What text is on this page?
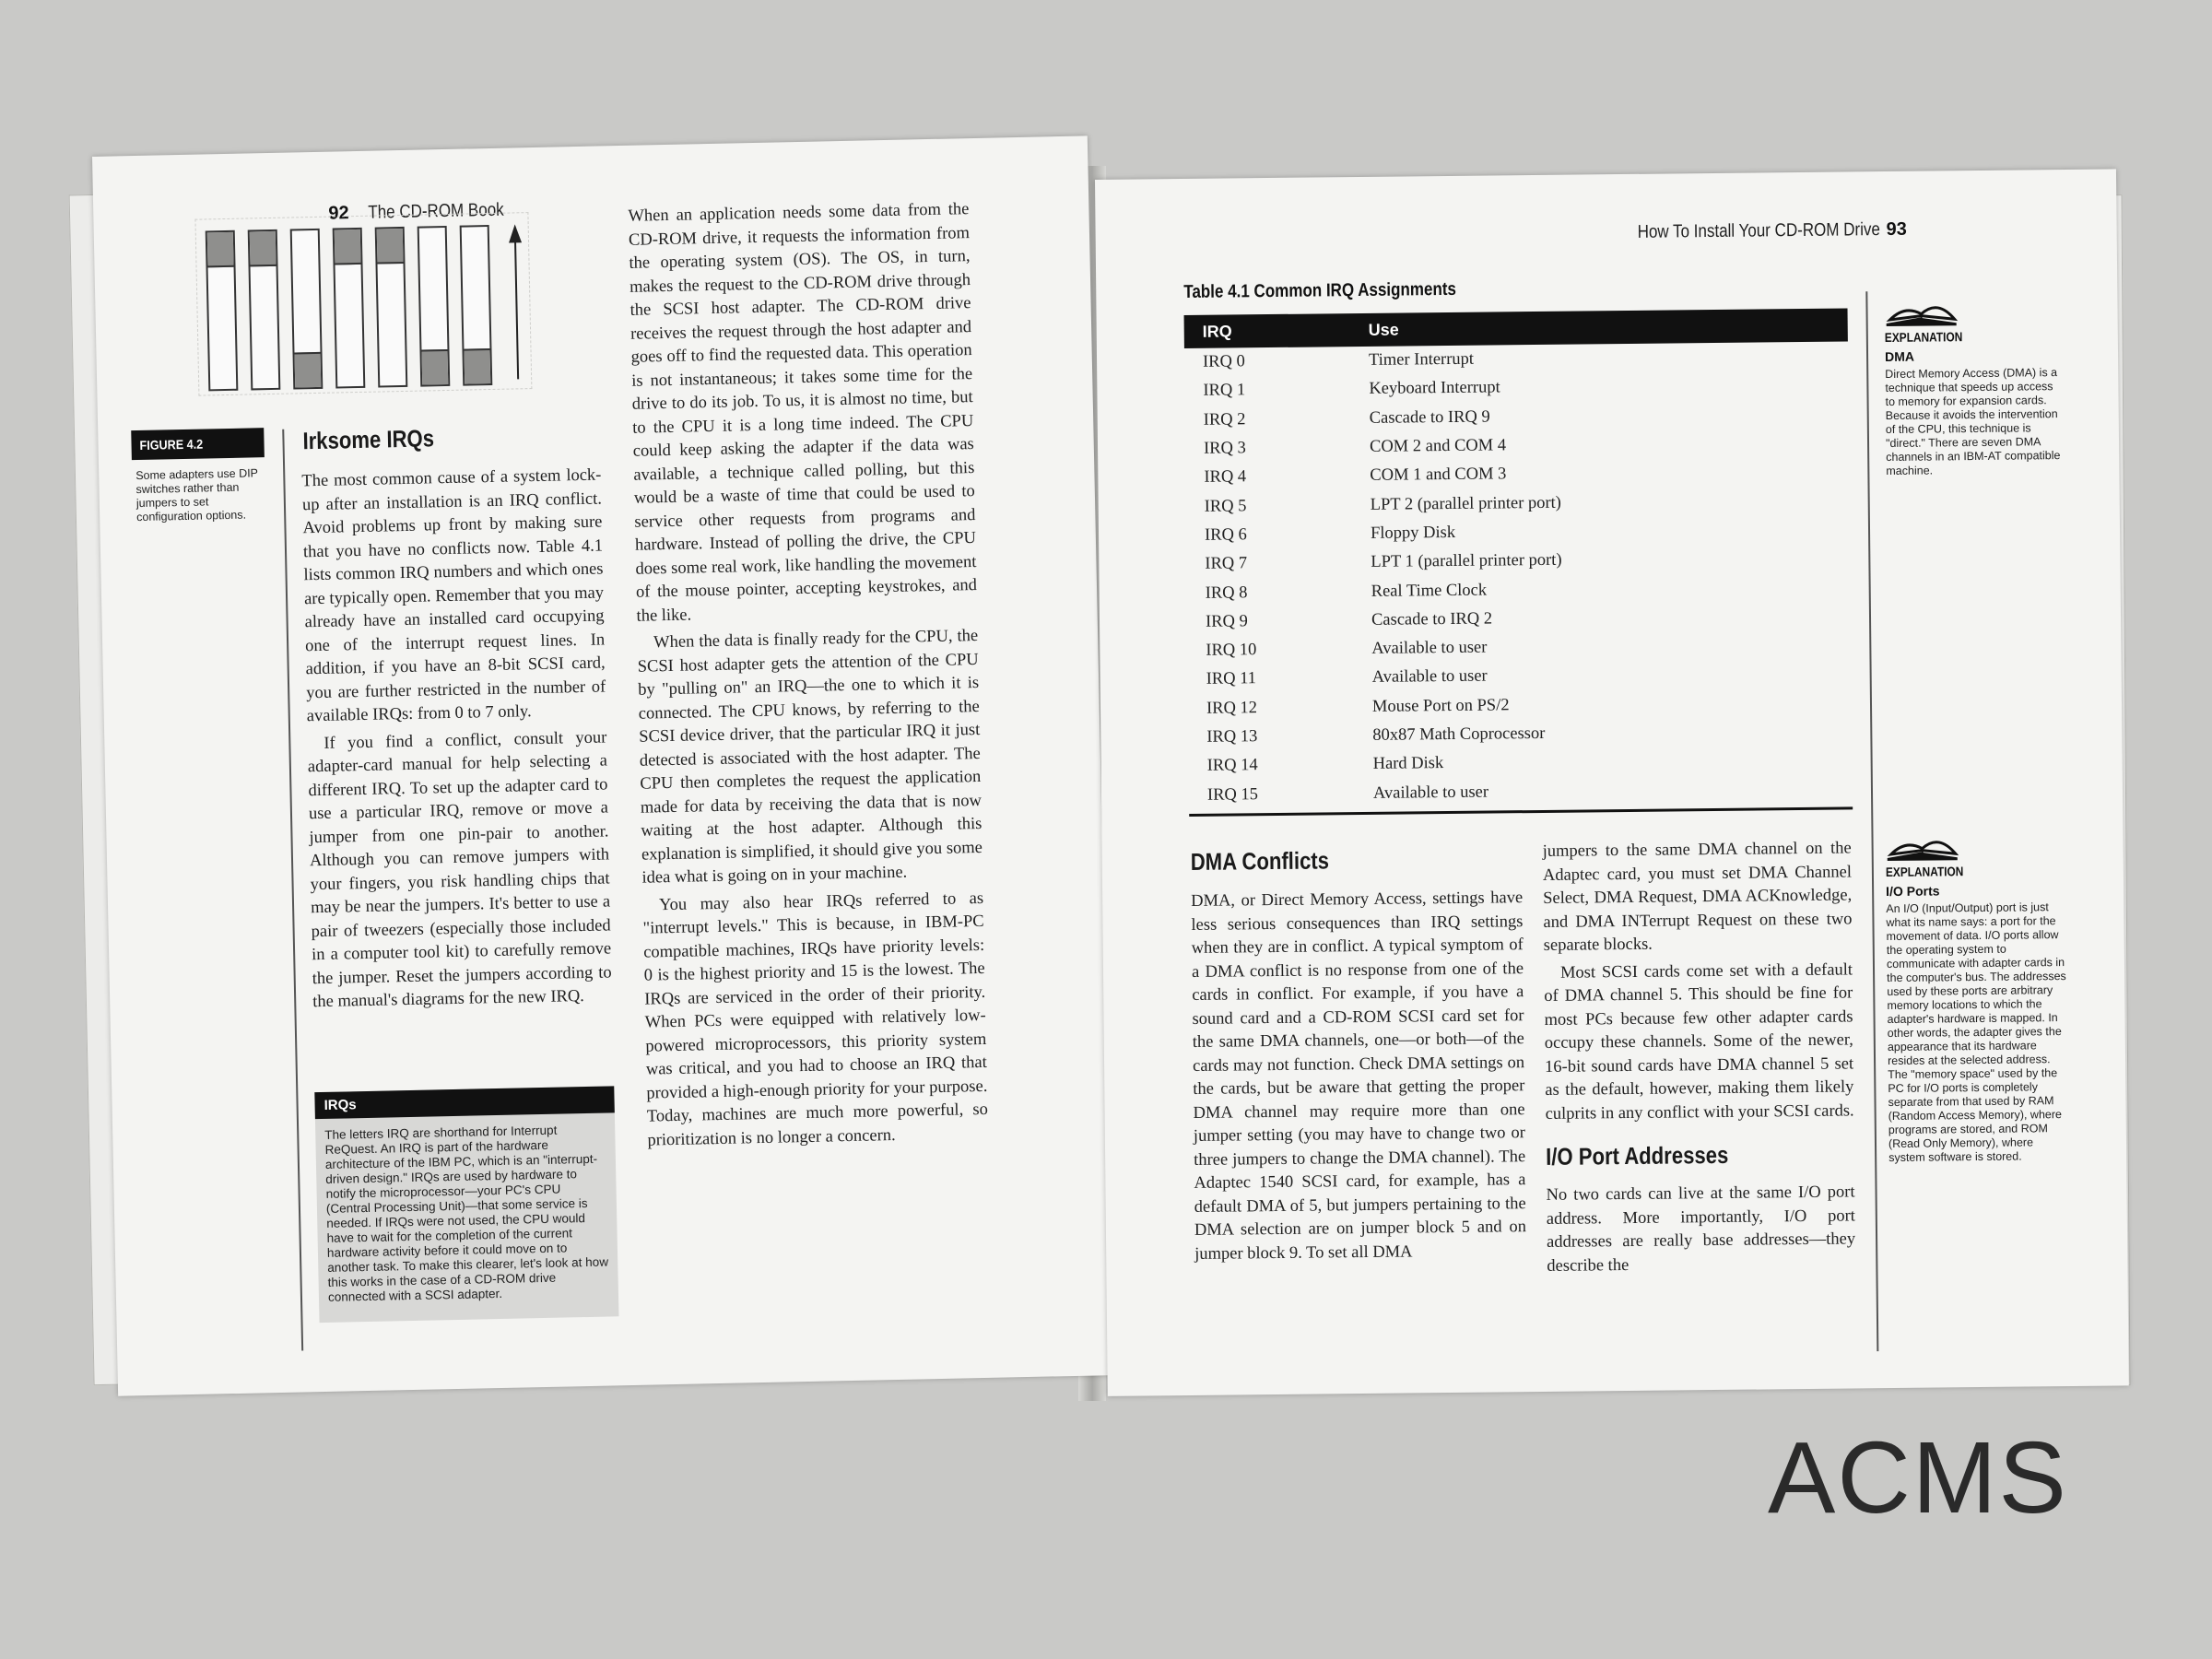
92 The CD-ROM Book
FIGURE 4.2
Some adapters use DIP switches rather than jumpers to set configuration options.
Irksome IRQs

The most common cause of a system lock-up after an installation is an IRQ conflict. Avoid problems up front by making sure that you have no conflicts now. Table 4.1 lists common IRQ numbers and which ones are typically open. Remember that you may already have an installed card occupying one of the interrupt request lines. In addition, if you have an 8-bit SCSI card, you are further restricted in the number of available IRQs: from 0 to 7 only.

If you find a conflict, consult your adapter-card manual for help selecting a different IRQ. To set up the adapter card to use a particular IRQ, remove or move a jumper from one pin-pair to another. Although you can remove jumpers with your fingers, you risk handling chips that may be near the jumpers. It's better to use a pair of tweezers (especially those included in a computer tool kit) to carefully remove the jumper. Reset the jumpers according to the manual's diagrams for the new IRQ.

IRQs
The letters IRQ are shorthand for Interrupt ReQuest. An IRQ is part of the hardware architecture of the IBM PC, which is an "interrupt-driven design." IRQs are used by hardware to notify the microprocessor—your PC's CPU (Central Processing Unit)—that some service is needed. If IRQs were not used, the CPU would have to wait for the completion of the current hardware activity before it could move on to another task. To make this clearer, let's look at how this works in the case of a CD-ROM drive connected with a SCSI adapter.

When an application needs some data from the CD-ROM drive, it requests the information from the operating system (OS). The OS, in turn, makes the request to the CD-ROM drive through the SCSI host adapter. The CD-ROM drive receives the request through the host adapter and goes off to find the requested data. This operation is not instantaneous; it takes some time for the drive to do its job. To us, it is almost no time, but to the CPU it is a long time indeed. The CPU could keep asking the adapter if the data was available, a technique called polling, but this would be a waste of time that could be used to service other requests from programs and hardware. Instead of polling the drive, the CPU does some real work, like handling the movement of the mouse pointer, accepting keystrokes, and the like.

When the data is finally ready for the CPU, the SCSI host adapter gets the attention of the CPU by "pulling on" an IRQ—the one to which it is connected. The CPU knows, by referring to the SCSI device driver, that the particular IRQ it just detected is associated with the host adapter. The CPU then completes the request the application made for data by receiving the data that is now waiting at the host adapter. Although this explanation is simplified, it should give you some idea what is going on in your machine.

You may also hear IRQs referred to as "interrupt levels." This is because, in IBM-PC compatible machines, IRQs have priority levels: 0 is the highest priority and 15 is the lowest. The IRQs are serviced in the order of their priority. When PCs were equipped with relatively low-powered microprocessors, this priority system was critical, and you had to choose an IRQ that provided a high-enough priority for your purpose. Today, machines are much more powerful, so prioritization is no longer a concern.

How To Install Your CD-ROM Drive 93
Table 4.1 Common IRQ Assignments
IRQ	Use
IRQ 0	Timer Interrupt
IRQ 1	Keyboard Interrupt
IRQ 2	Cascade to IRQ 9
IRQ 3	COM 2 and COM 4
IRQ 4	COM 1 and COM 3
IRQ 5	LPT 2 (parallel printer port)
IRQ 6	Floppy Disk
IRQ 7	LPT 1 (parallel printer port)
IRQ 8	Real Time Clock
IRQ 9	Cascade to IRQ 2
IRQ 10	Available to user
IRQ 11	Available to user
IRQ 12	Mouse Port on PS/2
IRQ 13	80x87 Math Coprocessor
IRQ 14	Hard Disk
IRQ 15	Available to user
DMA Conflicts

DMA, or Direct Memory Access, settings have less serious consequences than IRQ settings when they are in conflict. A typical symptom of a DMA conflict is no response from one of the cards in conflict. For example, if you have a sound card and a CD-ROM SCSI card set for the same DMA channels, one—or both—of the cards may not function. Check DMA settings on the cards, but be aware that getting the proper DMA channel may require more than one jumper setting (you may have to change two or three jumpers to change the DMA channel). The Adaptec 1540 SCSI card, for example, has a default DMA of 5, but jumpers pertaining to the DMA selection are on jumper block 5 and on jumper block 9. To set all DMA

jumpers to the same DMA channel on the Adaptec card, you must set DMA Channel Select, DMA Request, DMA ACKnowledge, and DMA INTerrupt Request on these two separate blocks.

Most SCSI cards come set with a default of DMA channel 5. This should be fine for most PCs because few other adapter cards occupy these channels. Some of the newer, 16-bit sound cards have DMA channel 5 set as the default, however, making them likely culprits in any conflict with your SCSI cards.

I/O Port Addresses

No two cards can live at the same I/O port address. More importantly, I/O port addresses are really base addresses—they describe the

EXPLANATION
DMA
Direct Memory Access (DMA) is a technique that speeds up access to memory for expansion cards. Because it avoids the intervention of the CPU, this technique is "direct." There are seven DMA channels in an IBM-AT compatible machine.
EXPLANATION
I/O Ports
An I/O (Input/Output) port is just what its name says: a port for the movement of data. I/O ports allow the operating system to communicate with adapter cards in the computer's bus. The addresses used by these ports are arbitrary memory locations to which the adapter's hardware is mapped. In other words, the adapter gives the appearance that its hardware resides at the selected address. The "memory space" used by the PC for I/O ports is completely separate from that used by RAM (Random Access Memory), where programs are stored, and ROM (Read Only Memory), where system software is stored.
ACMS
